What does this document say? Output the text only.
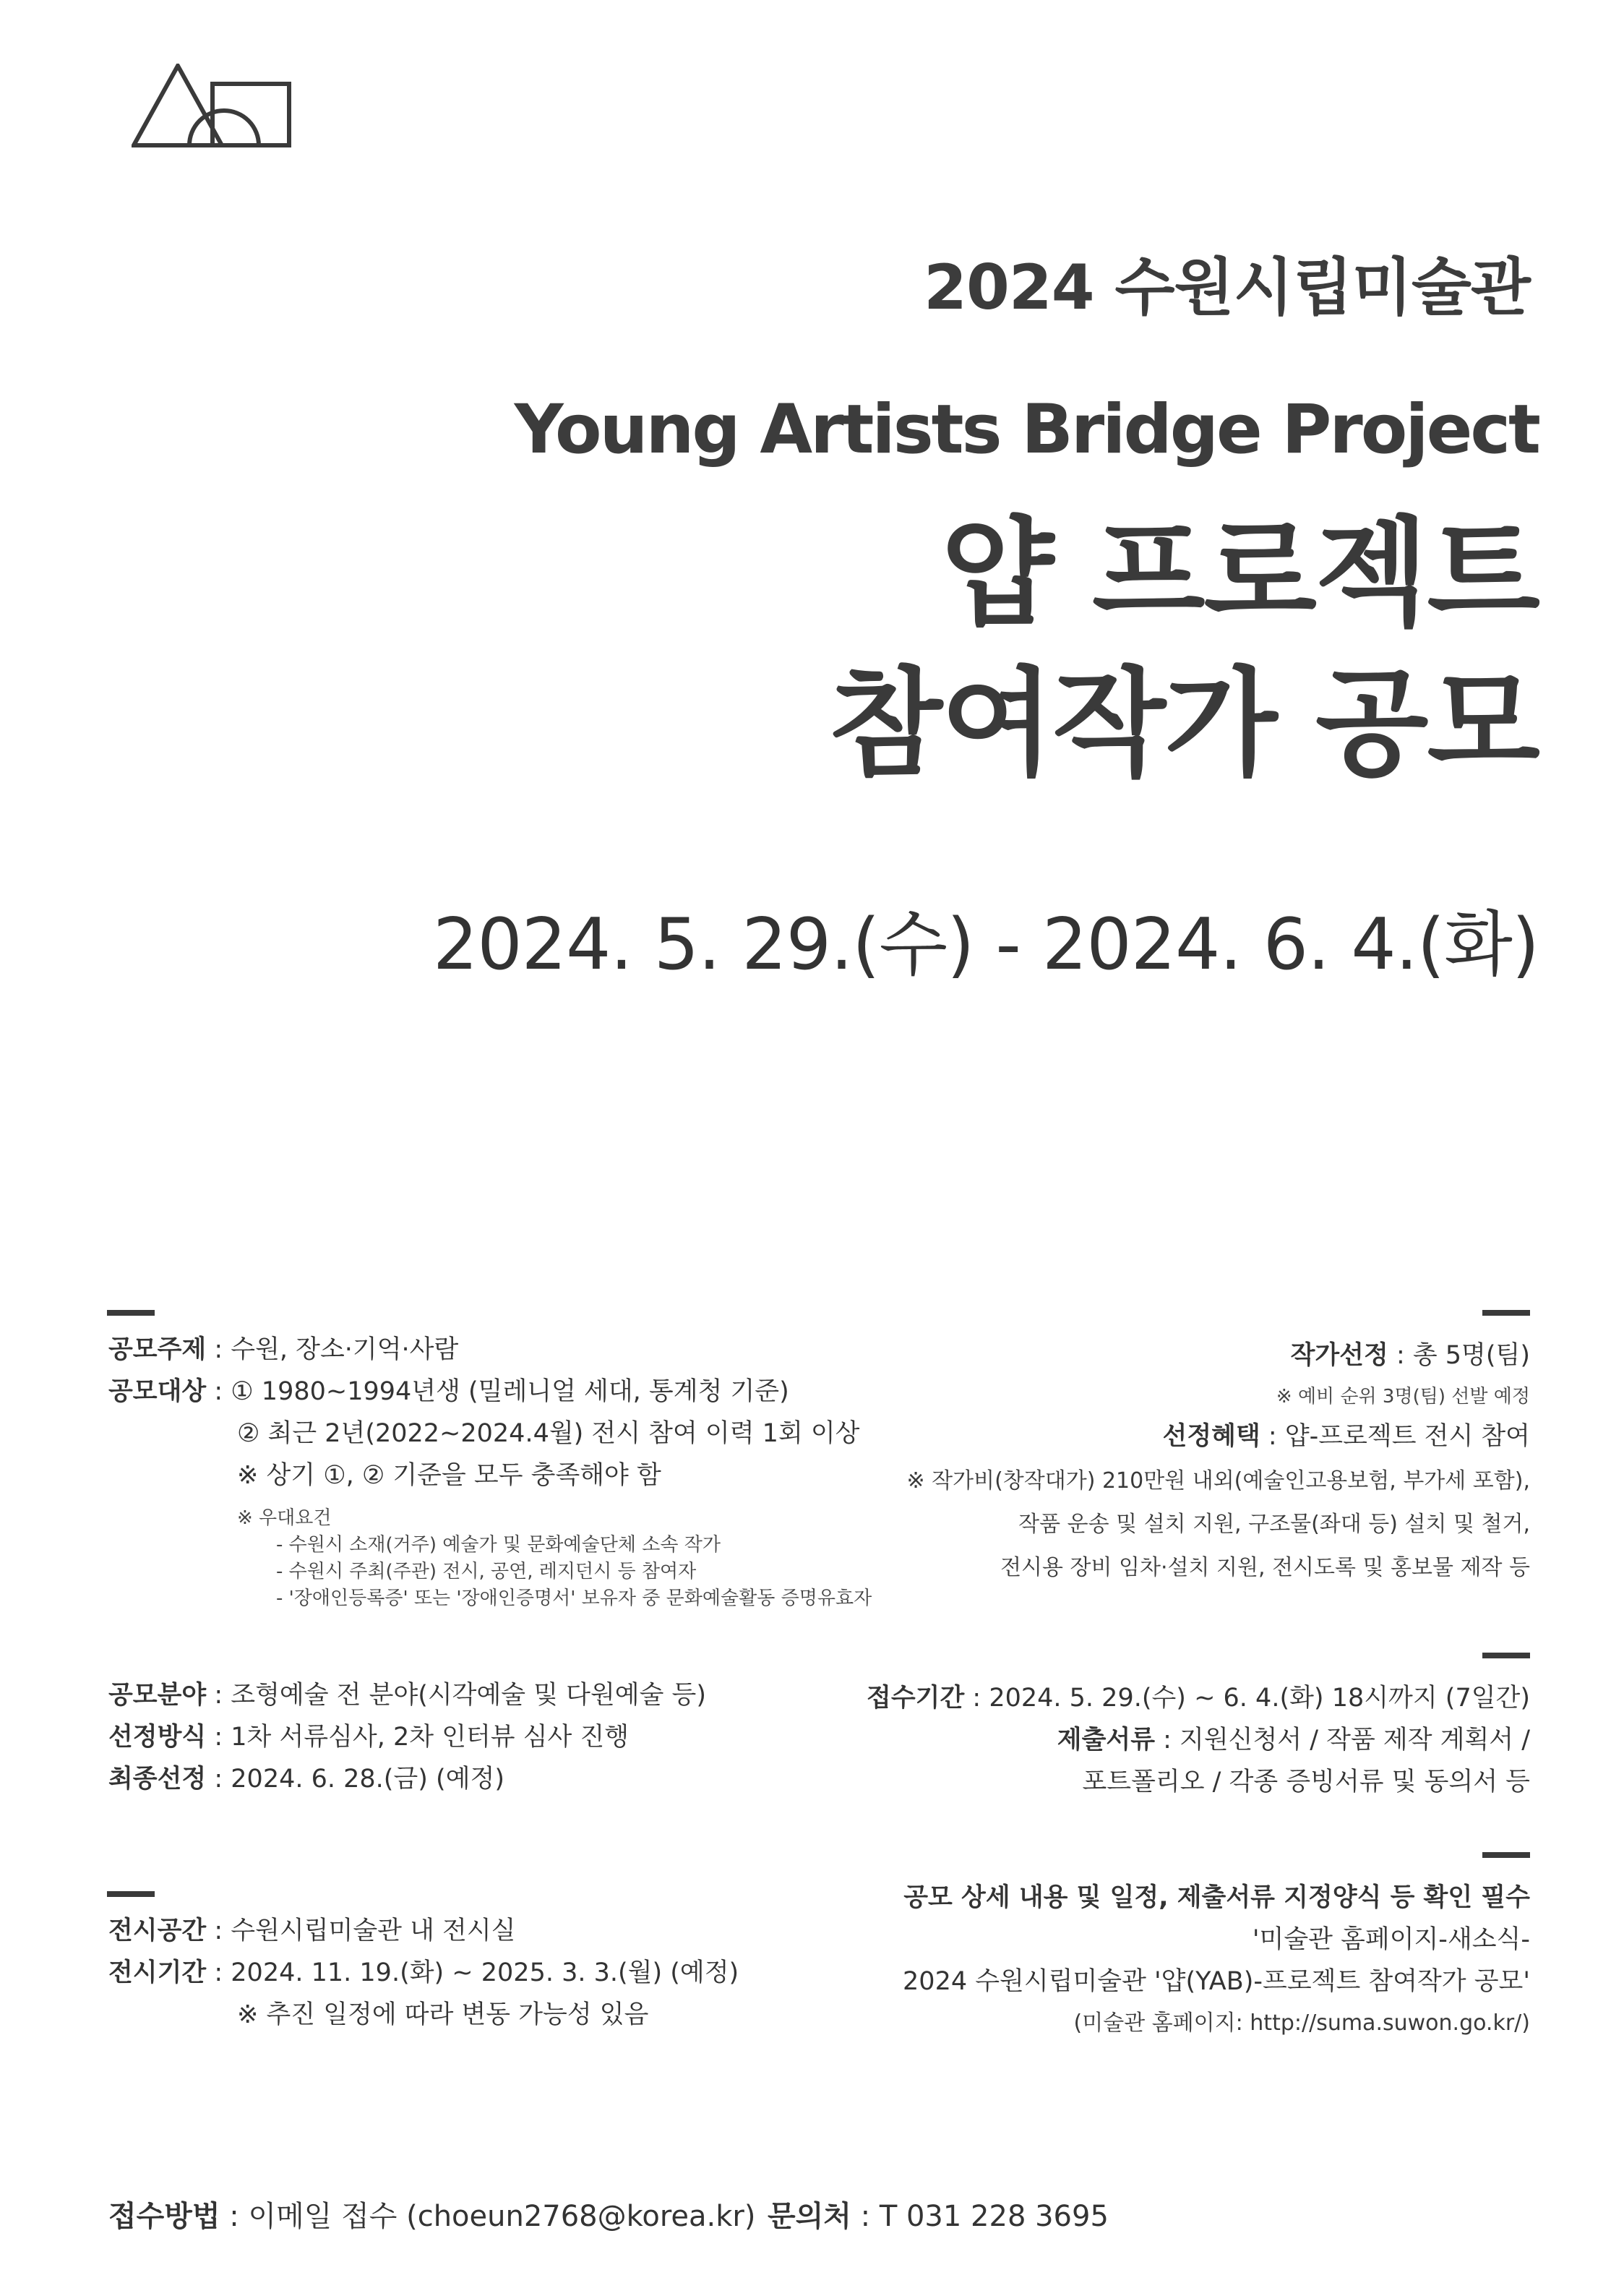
2024 수원시립미술관
Young Artists Bridge Project
얍 프로젝트
참여작가 공모
2024. 5. 29.(수) - 2024. 6. 4.(화)
공모주제 : 수원, 장소·기억·사람
공모대상 : ① 1980~1994년생 (밀레니얼 세대, 통계청 기준)
② 최근 2년(2022~2024.4월) 전시 참여 이력 1회 이상
※ 상기 ①, ② 기준을 모두 충족해야 함
※ 우대요건
- 수원시 소재(거주) 예술가 및 문화예술단체 소속 작가
- 수원시 주최(주관) 전시, 공연, 레지던시 등 참여자
- '장애인등록증' 또는 '장애인증명서' 보유자 중 문화예술활동 증명유효자
공모분야 : 조형예술 전 분야(시각예술 및 다원예술 등)
선정방식 : 1차 서류심사, 2차 인터뷰 심사 진행
최종선정 : 2024. 6. 28.(금) (예정)
전시공간 : 수원시립미술관 내 전시실
전시기간 : 2024. 11. 19.(화) ~ 2025. 3. 3.(월) (예정)
※ 추진 일정에 따라 변동 가능성 있음
작가선정 : 총 5명(팀)
※ 예비 순위 3명(팀) 선발 예정
선정혜택 : 얍-프로젝트 전시 참여
※ 작가비(창작대가) 210만원 내외(예술인고용보험, 부가세 포함),
작품 운송 및 설치 지원, 구조물(좌대 등) 설치 및 철거,
전시용 장비 임차·설치 지원, 전시도록 및 홍보물 제작 등
접수기간 : 2024. 5. 29.(수) ~ 6. 4.(화) 18시까지 (7일간)
제출서류 : 지원신청서 / 작품 제작 계획서 /
포트폴리오 / 각종 증빙서류 및 동의서 등
공모 상세 내용 및 일정, 제출서류 지정양식 등 확인 필수
'미술관 홈페이지-새소식-
2024 수원시립미술관 '얍(YAB)-프로젝트 참여작가 공모'
(미술관 홈페이지: http://suma.suwon.go.kr/)
접수방법 : 이메일 접수 (choeun2768@korea.kr) 문의처 : T 031 228 3695
